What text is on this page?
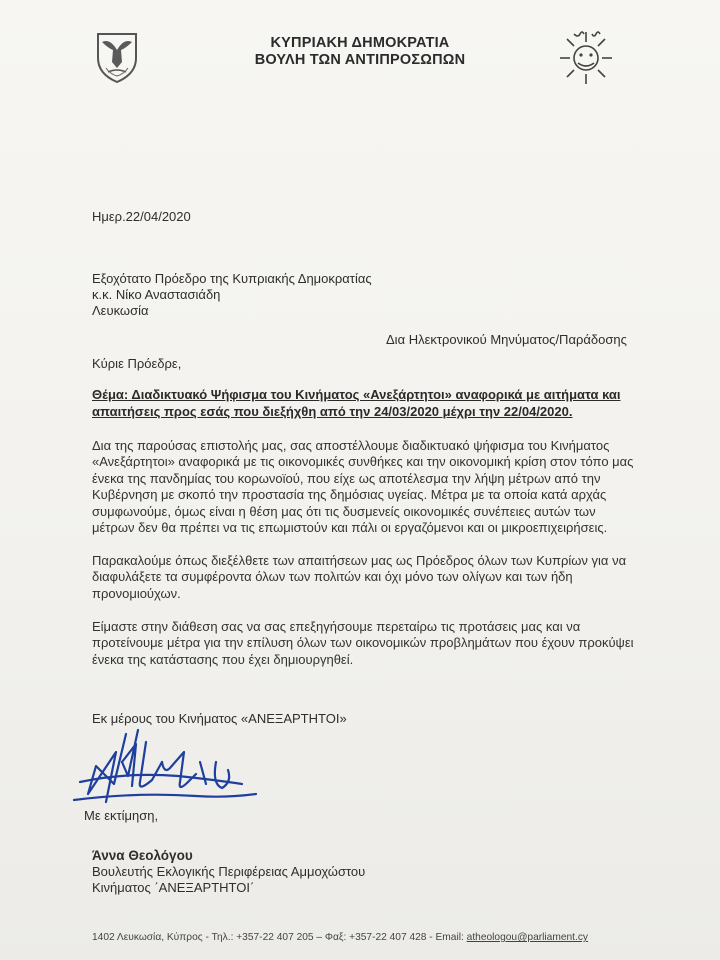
ΚΥΠΡΙΑΚΗ ΔΗΜΟΚΡΑΤΙΑ
ΒΟΥΛΗ ΤΩΝ ΑΝΤΙΠΡΟΣΩΠΩΝ
Ημερ.22/04/2020
Εξοχότατο Πρόεδρο της Κυπριακής Δημοκρατίας
κ.κ. Νίκο Αναστασιάδη
Λευκωσία
Δια Ηλεκτρονικού Μηνύματος/Παράδοσης
Κύριε Πρόεδρε,
Θέμα: Διαδικτυακό Ψήφισμα του Κινήματος «Ανεξάρτητοι» αναφορικά με αιτήματα και απαιτήσεις προς εσάς που διεξήχθη από την 24/03/2020 μέχρι την 22/04/2020.
Δια της παρούσας επιστολής μας, σας αποστέλλουμε διαδικτυακό ψήφισμα του Κινήματος «Ανεξάρτητοι» αναφορικά με τις οικονομικές συνθήκες και την οικονομική κρίση στον τόπο μας ένεκα της πανδημίας του κορωνοϊού, που είχε ως αποτέλεσμα την λήψη μέτρων από την Κυβέρνηση με σκοπό την προστασία της δημόσιας υγείας. Μέτρα με τα οποία κατά αρχάς συμφωνούμε, όμως είναι η θέση μας ότι τις δυσμενείς οικονομικές συνέπειες αυτών των μέτρων δεν θα πρέπει να τις επωμιστούν και πάλι οι εργαζόμενοι και οι μικροεπιχειρήσεις.
Παρακαλούμε όπως διεξέλθετε των απαιτήσεων μας ως Πρόεδρος όλων των Κυπρίων για να διαφυλάξετε τα συμφέροντα όλων των πολιτών και όχι μόνο των ολίγων και των ήδη προνομιούχων.
Είμαστε στην διάθεση σας να σας επεξηγήσουμε περεταίρω τις προτάσεις μας και να προτείνουμε μέτρα για την επίλυση όλων των οικονομικών προβλημάτων που έχουν προκύψει ένεκα της κατάστασης που έχει δημιουργηθεί.
Εκ μέρους του Κινήματος «ΑΝΕΞΑΡΤΗΤΟΙ»
Με εκτίμηση,
Άννα Θεολόγου
Βουλευτής Εκλογικής Περιφέρειας Αμμοχώστου
Κινήματος ΄ΑΝΕΞΑΡΤΗΤΟΙ΄
1402 Λευκωσία, Κύπρος - Τηλ.: +357-22 407 205 – Φαξ: +357-22 407 428 - Email: atheologou@parliament.cy
